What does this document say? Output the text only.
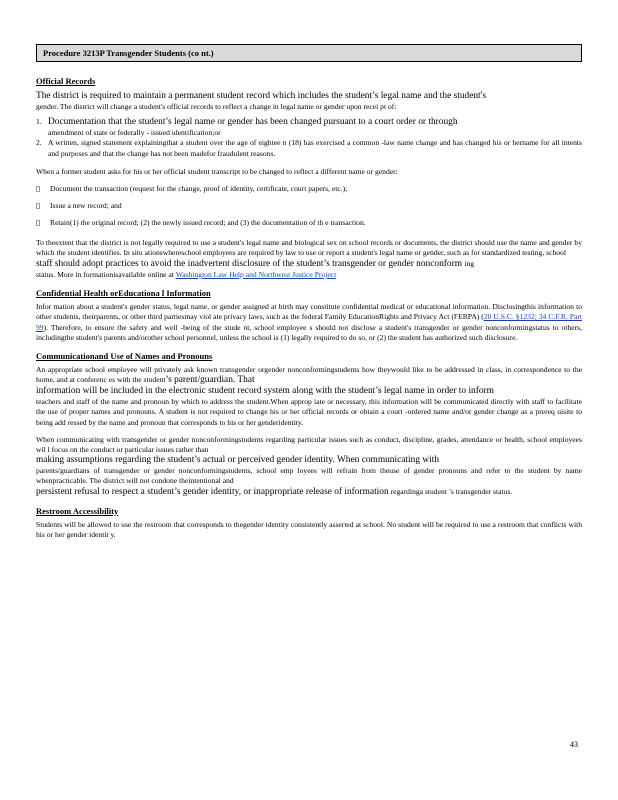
Procedure 3213P Transgender Students (co nt.)

Official Records

The district is required to maintain a permanent student record which includes the student’s legal name and the student's

gender. The district will change a student's official records to reflect a change in legal name or gender upon recei pt of:

1. Documentation that the student’s legal name or gender has been changed pursuant to a court order or through

amendment of state or federally - issued identification;or

2. A written, signed statement explainingthat a student over the age of eightee n (18) has exercised a common -law name change and has changed his or hername for all intents and purposes and that the change has not been madefor fraudulent reasons.

When a former student asks for his or her official student transcript to be changed to reflect a different name or gender:

▯	Document the transaction (request for the change, proof of identity, certificate, court papers, etc.);
▯	Issue a new record; and
▯	Retain(1) the original record; (2) the newly issued record; and (3) the documentation of th e transaction.

To theextent that the district is not legally required to use a student's legal name and biological sex on school records or documents, the district should use the name and gender by which the student identifies. In situ ationswhereschool employees are required by law to use or report a student's legal name or gender, such as for standardized testing, school

staff should adopt practices to avoid the inadvertent disclosure of the student’s transgender or gender nonconform ing

status. More in formationisavailable online at Washington Law Help and Northwest Justice Project

Confidential Health orEducationa l Information

Infor mation about a student's gender status, legal name, or gender assigned at birth may constitute confidential medical or educational information. Disclosingthis information to other students, theirparents, or other third partiesmay viol ate privacy laws, such as the federal Family EducationRights and Privacy Act (FERPA) (20 U.S.C. §1232; 34 C.F.R. Part 99). Therefore, to ensure the safety and well -being of the stude nt, school employee s should not disclose a student's transgender or gender nonconformingstatus to others, includingthe student's parents and/orother school personnel, unless the school is (1) legally required to do so, or (2) the student has authorized such disclosure.

Communicationand Use of Names and Pronouns

An appropriate school employee will privately ask known transgender orgender nonconformingstudents how theywould like to be addressed in class, in correspondence to the home, and at conferenc es with the student’s parent/guardian. That

information will be included in the electronic student record system along with the student’s legal name in order to inform

teachers and staff of the name and pronoun by which to address the student.When approp iate or necessary, this information will be communicated directly with staff to facilitate the use of proper names and pronouns. A student is not required to change his or her official records or obtain a court -ordered name and/or gender change as a prereq uisite to being add ressed by the name and pronoun that corresponds to his or her genderidentity.

When communicating with transgender or gender nonconformingstudents regarding particular issues such as conduct, discipline, grades, attendance or health, school employees wil l focus on the conduct or particular issues rather than

making assumptions regarding the student’s actual or perceived gender identity. When communicating with

parents/guardians of transgender or gender nonconformingstudents, school emp loyees will refrain from theuse of gender pronouns and refer to the student by name whenpracticable. The district will not condone theintentional and

persistent refusal to respect a student’s gender identity, or inappropriate release of information regardinga student ’s transgender status.

Restroom Accessibility

Students will be allowed to use the restroom that corresponds to thegender identity consistently asserted at school. No student will be required to use a restroom that conflicts with his or her gender identit y.

43
